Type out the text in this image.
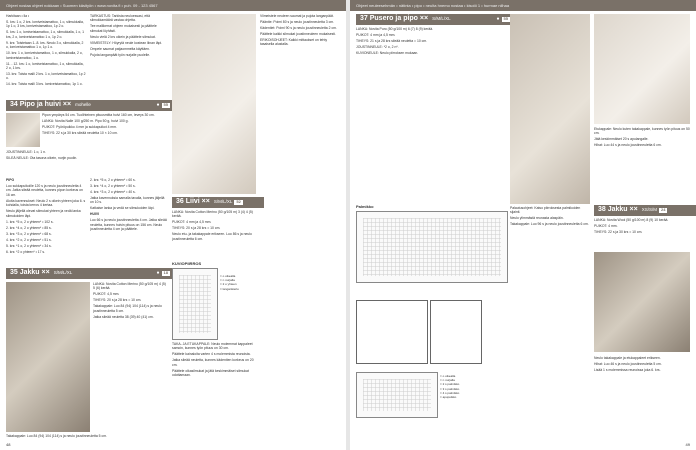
Ohjeet nostaa ohjeet nokkaan • Suomen käsityön • www.novita.fi • puh. 09 - 123 4567	Ohjeet neuleesehmän • nätinta • pipo • neulta hnemo nostaa • kisolö 1 • hurmae nilhaa

Harkitaan • lla •

S. krs: 1 o, 2 krs. lomiveistamattoo, 1 o, silmukkalla, 1p 1 o, 3 krs, lomiveistamattoo, 1p 2 o.

S. krs: 1 o, lomiveistamattoo, 1 o, silmukkalla, 1 o, 1 krs, 2 o, lomiveistamattoo 1 o, 1p 2 o.

9. krs: Toistetaan 1.-8. krs. Neulo 3 o, silmukkalla, 2 o, lomiveistamattoo 1 o, 1p 1 o.

10. krs: 1 o, lomiveistamattoo, 1 o, silmukkalla, 2 o, lomiveistamattoo, 1 o.

11. - 12. krs: 1 o, lomiveistamattoo, 1 o, silmukkalla, 2 o, 1 krs.

13. krs: Toista malli 2 krs. 1 o, lomiveistamattoo, 1p 2 o.

14. krs: Toista malli 3 krs. lomiveistamattoo, 1p 1 o.

34 Pipo ja huivi ×× mohelle	●	55

Pipon ympärys 54 cm. Tuolihteinen pituusmitta huivi 160 cm, leveys 30 cm.

LANKA: Novita Nalle 100 g/250 m. Pipo 50 g, huivi 100 g.

PUIKOT: Pyöröpuikko 4 mm ja sukkapuikot 4 mm.

TIHEYS: 22 s ja 30 krs sileää neuletta 10 × 10 cm.

JOUSTINNEULE: 1 o, 1 n.

SILEÄ NEULE: Ota tasona oikein, nurjin puolin.

PIPO

Luo sukkapuikoille 120 s ja neulo joustinneuletta 4 cm. Jatka sileää neuletta, kunnes pipon korkeus on 16 cm.

Aloita kavennukset: Neulo 2 s oikein yhteen joka 6. s kohdalla, toista kerros 4 kertaa.

Neulo jäljellä olevat silmukat yhteen ja vedä lanka silmukoiden läpi.

1. krs: *5 o, 2 o yhteen* • 102 s.

2. krs: *4 o, 2 o yhteen* • 85 s.

3. krs: *3 o, 2 o yhteen* • 68 s.

4. krs: *2 o, 2 o yhteen* • 51 s.

5. krs: *1 o, 2 o yhteen* • 34 s.

6. krs: *2 o yhteen* • 17 s.

TARKASTUS: Tarkista neuloessasi, että silmukkamäärä vastaa ohjetta.

Tee mallikerrat ohjeen mukaisesti ja päättele silmukat löyhästi.

Neulo vielä 2 krs oikein ja päättele silmukat.

VIIMEISTELY: Höyrytä neule kostean liinan läpi.

Ompele saumat patjaommelta käyttäen.

Pujota langanpäät työn nurjalle puolelle.

2. krs: *5 o, 2 o yhteen* • 60 s.

3. krs: *4 o, 2 o yhteen* • 50 s.

4. krs: *3 o, 2 o yhteen* • 40 s.

Jatka kavennuksia samalla tavalla, kunnes jäljellä on 10 s.

Katkaise lanka ja vedä se silmukoiden läpi.

HUIVI

Luo 66 s ja neulo joustinneuletta 4 cm. Jatka sileää neuletta, kunnes huivin pituus on 156 cm. Neulo joustinneuletta 4 cm ja päättele.

35 Jakku ×× S/M/L/XL	●	18

LANKA: Novita Cotton Merino (50 g/105 m) 4 (5) 5 (6) kerää.

PUIKOT: 4,5 mm.

TIHEYS: 20 s ja 28 krs = 10 cm.

Takakappale: Luo 84 (94) 104 (114) s ja neulo joustinneuletta 5 cm.

Jatka sileää neuletta 38 (39) 40 (41) cm.

Takakappale: Luo 84 (94) 104 (114) s ja neulo joustinneuletta 5 cm.

36 Liivi ×× S/M/L/XL	52

LANKA: Novita Cotton Merino (50 g/105 m) 3 (4) 4 (5) kerää.

PUIKOT: 4 mm ja 4,5 mm.

TIHEYS: 20 s ja 28 krs = 10 cm.

Neulo etu- ja takakappale erikseen. Luo 86 s ja neulo joustinneuletta 6 cm.

KUVIOPIIRROS
= o oikealla
= n nurjalla
= 2 o yhteen
= langankierto

TAKA- JA ETUKAPPALE: Neulo molemmat kappaleet samoin, kunnes työn pituus on 30 cm.

Päättele kainaloita varten 4 s molemmista reunoista.

Jatka sileää neuletta, kunnes kädentien korkeus on 20 cm.

Päättele olkasilmukat ja jätä keskimmäiset silmukat odottamaan.

Viimeistele neuleen saumat ja pujota langanpäät.

Pääntie: Poimi 80 s ja neulo joustinneuletta 3 cm.

Kädentiet: Poimi 90 s ja neulo joustinneuletta 2 cm.

Päättele kaikki silmukat joustinneuleen mukaisesti.

ERIKOISOHJEET: Kaikki mittaukset on tehty tasaisella alustalla.

48
37 Pusero ja pipo ×× S/M/L/XL	●	55

LANKA: Novita Puro (50 g/100 m) 6 (7) 8 (9) kerää.

PUIKOT: 4 mm ja 4,5 mm.

TIHEYS: 21 s ja 28 krs sileää neuletta = 10 cm.

JOUSTINNEULE: *2 o, 2 n*.

KUVIONEULE: Neulo piirroksen mukaan.

Etukappale: Neulo kuten takakappale, kunnes työn pituus on 50 cm.

Jätä keskimmäiset 20 s apulangalle.

Hihat: Luo 44 s ja neulo joustinneuletta 6 cm.

Palmikko
= o oikealla
= n nurjalla
= 2 s palmikko
= 3 s palmikko
= 4 s palmikko
= apupuikko

Palautusohjeet: Katso piirroksesta palmikoiden sijainti.

Neulo ylimmästä reunasta alaspäin.

Takakappale: Luo 96 s ja neulo joustinneuletta 6 cm.

38 Jakku ×× XS/S/M	24

LANKA: Novita Wool (50 g/100 m) 8 (9) 10 kerää.

PUIKOT: 4 mm.

TIHEYS: 22 s ja 30 krs = 10 cm.

Neulo takakappale ja etukappaleet erikseen.

Hihat: Luo 46 s ja neulo joustinneuletta 5 cm.

Lisää 1 s molemmissa reunoissa joka 6. krs.

49
